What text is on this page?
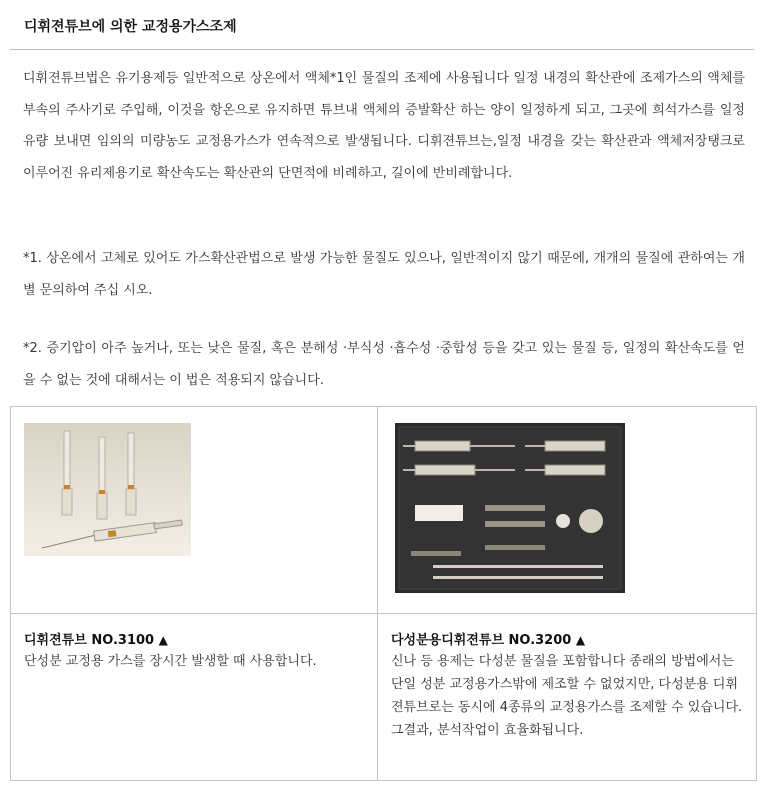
디휘젼튜브에 의한 교정용가스조제
디휘젼튜브법은 유기용제등 일반적으로 상온에서 액체*1인 물질의 조제에 사용됩니다 일정 내경의 확산관에 조제가스의 액체를 부속의 주사기로 주입해, 이것을 항온으로 유지하면 튜브내 액체의 증발확산 하는 양이 일정하게 되고, 그곳에 희석가스를 일정유량 보내면 임의의 미량농도 교정용가스가 연속적으로 발생됩니다. 디휘젼튜브는,일정 내경을 갖는 확산관과 액체저장탱크로 이루어진 유리제용기로 확산속도는 확산관의 단면적에 비례하고, 길이에 반비례합니다.
*1. 상온에서 고체로 있어도 가스확산관법으로 발생 가능한 물질도 있으나, 일반적이지 않기 때문에, 개개의 물질에 관하여는 개별 문의하여 주십 시오.
*2. 증기압이 아주 높거나, 또는 낮은 물질, 혹은 분해성 ·부식성 ·흡수성 ·중합성 등을 갖고 있는 물질 등, 일정의 확산속도를 얻을 수 없는 것에 대해서는 이 법은 적용되지 않습니다.
디휘젼튜브 NO.3100 ▲
단성분 교정용 가스를 장시간 발생할 때 사용합니다.
다성분용디휘젼튜브 NO.3200 ▲
신나 등 용제는 다성분 물질을 포함합니다 종래의 방법에서는 단일 성분 교정용가스밖에 제조할 수 없었지만, 다성분용 디휘젼튜브로는 동시에 4종류의 교정용가스를 조제할 수 있습니다. 그결과, 분석작업이 효율화됩니다.
